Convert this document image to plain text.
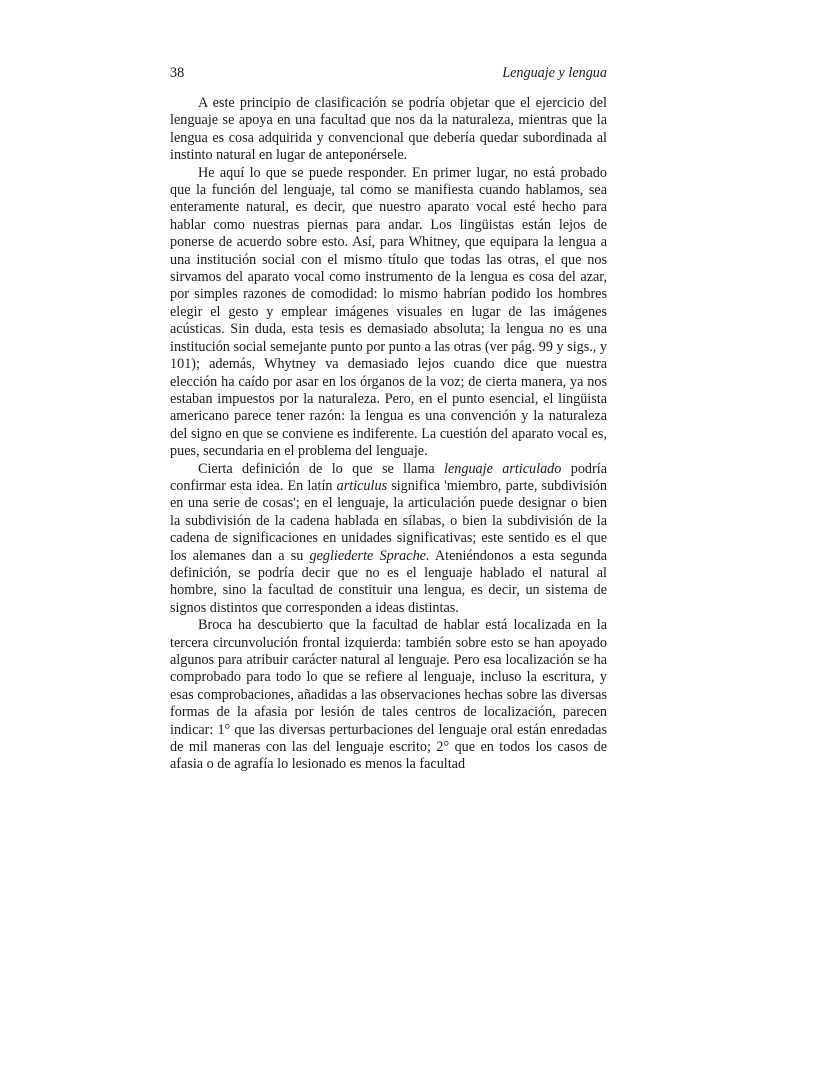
38	Lenguaje y lengua

A este principio de clasificación se podría objetar que el ejercicio del lenguaje se apoya en una facultad que nos da la naturaleza, mientras que la lengua es cosa adquirida y convencional que debería quedar subordinada al instinto natural en lugar de anteponérsele.

He aquí lo que se puede responder. En primer lugar, no está probado que la función del lenguaje, tal como se manifiesta cuando hablamos, sea enteramente natural, es decir, que nuestro aparato vocal esté hecho para hablar como nuestras piernas para andar. Los lingüistas están lejos de ponerse de acuerdo sobre esto. Así, para Whitney, que equipara la lengua a una institución social con el mismo título que todas las otras, el que nos sirvamos del aparato vocal como instrumento de la lengua es cosa del azar, por simples razones de comodidad: lo mismo habrían podido los hombres elegir el gesto y emplear imágenes visuales en lugar de las imágenes acústicas. Sin duda, esta tesis es demasiado absoluta; la lengua no es una institución social semejante punto por punto a las otras (ver pág. 99 y sigs., y 101); además, Whytney va demasiado lejos cuando dice que nuestra elección ha caído por asar en los órganos de la voz; de cierta manera, ya nos estaban impuestos por la naturaleza. Pero, en el punto esencial, el lingüista americano parece tener razón: la lengua es una convención y la naturaleza del signo en que se conviene es indiferente. La cuestión del aparato vocal es, pues, secundaria en el problema del lenguaje.

Cierta definición de lo que se llama lenguaje articulado podría confirmar esta idea. En latín articulus significa 'miembro, parte, subdivisión en una serie de cosas'; en el lenguaje, la articulación puede designar o bien la subdivisión de la cadena hablada en sílabas, o bien la subdivisión de la cadena de significaciones en unidades significativas; este sentido es el que los alemanes dan a su gegliederte Sprache. Ateniéndonos a esta segunda definición, se podría decir que no es el lenguaje hablado el natural al hombre, sino la facultad de constituir una lengua, es decir, un sistema de signos distintos que corresponden a ideas distintas.

Broca ha descubierto que la facultad de hablar está localizada en la tercera circunvolución frontal izquierda: también sobre esto se han apoyado algunos para atribuir carácter natural al lenguaje. Pero esa localización se ha comprobado para todo lo que se refiere al lenguaje, incluso la escritura, y esas comprobaciones, añadidas a las observaciones hechas sobre las diversas formas de la afasia por lesión de tales centros de localización, parecen indicar: 1° que las diversas perturbaciones del lenguaje oral están enredadas de mil maneras con las del lenguaje escrito; 2° que en todos los casos de afasia o de agrafía lo lesionado es menos la facultad
